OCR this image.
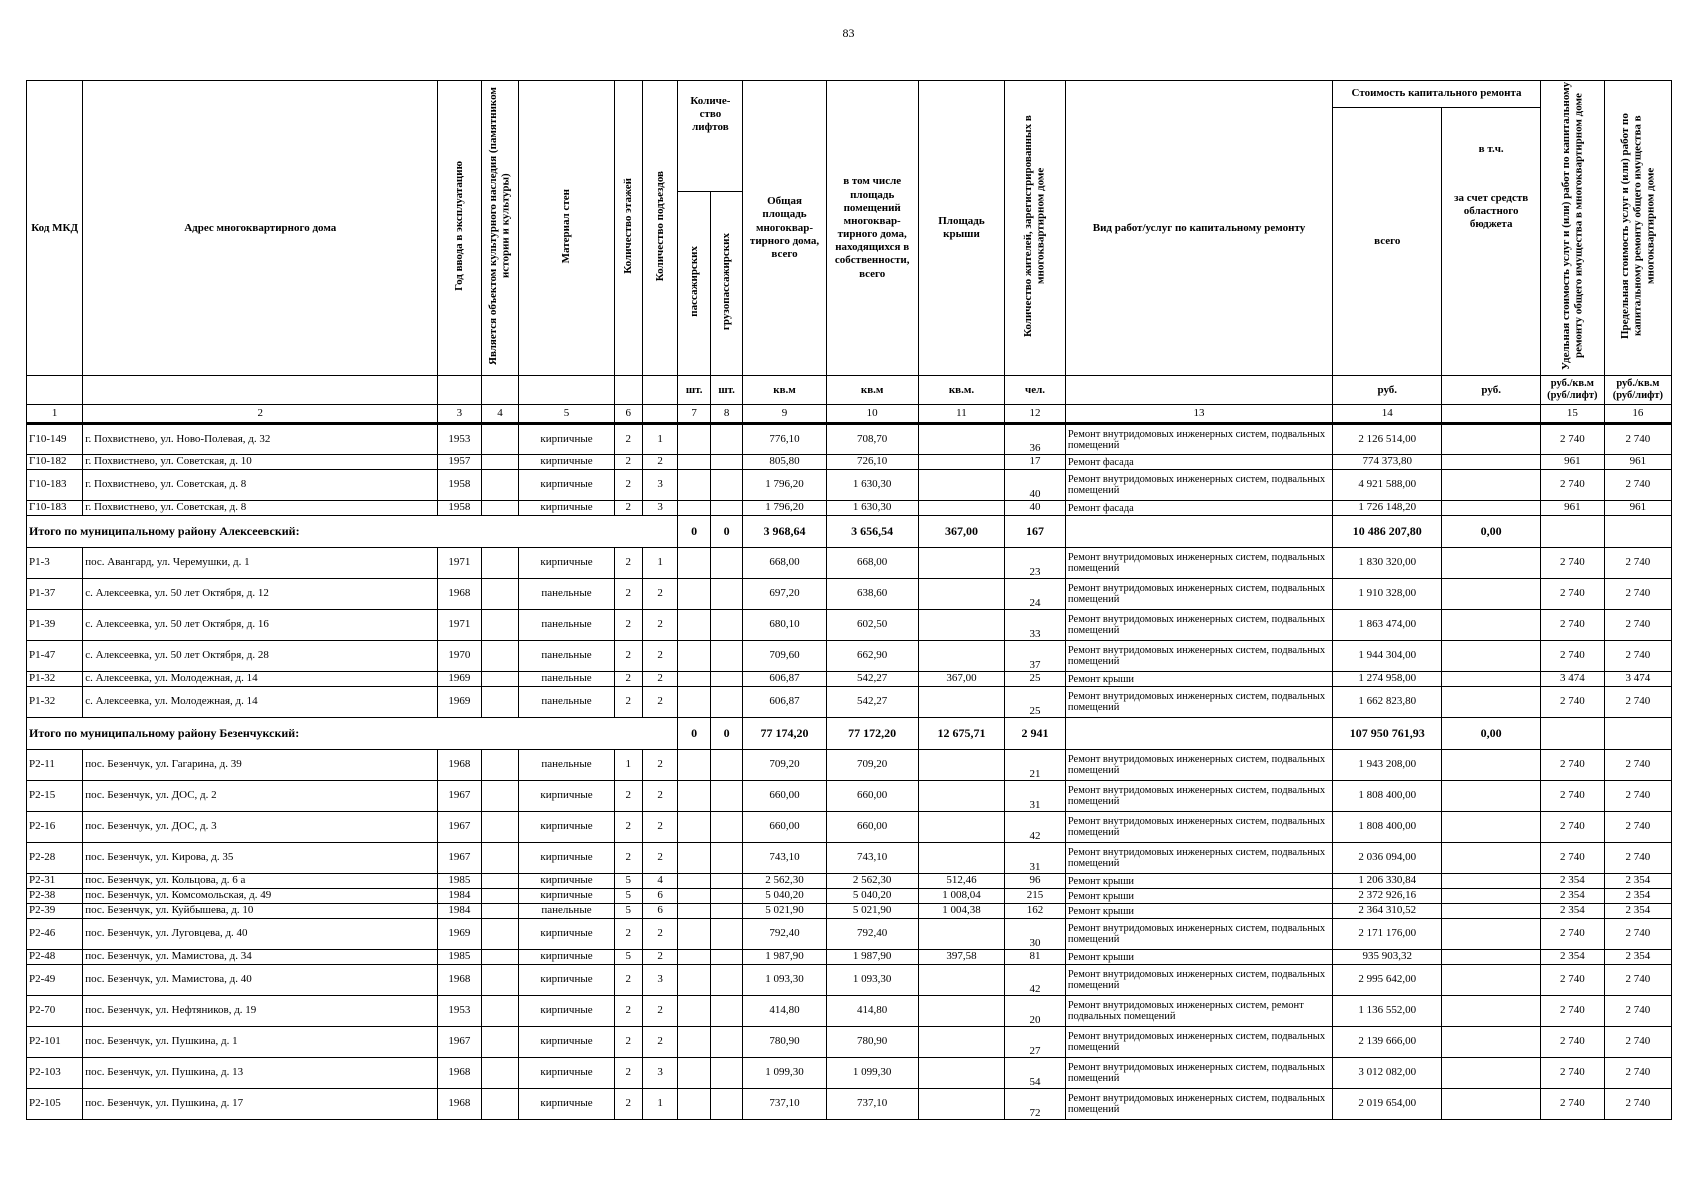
83
Код МКД	Адрес многоквартирного дома	Год ввода в эксплуатацию	Является объектом культурного наследия (памятником истории и культуры)	Материал стен	Количество этажей	Количество подъездов	Количе-ство лифтов		Общая площадь многоквар-тирного дома, всего	в том числе площадь помещений многоквар-тирного дома, находящихся в собственности, всего	Площадь крыши	Количество жителей, зарегистрированных в многоквартирном доме	Вид работ/услуг по капитальному ремонту	Стоимость капитального ремонта		Удельная стоимость услуг и (или) работ по капитальному ремонту общего имущества в многоквартирном доме	Предельная стоимость услуг и (или) работ по капитальному ремонту общего имущества в многоквартирном доме
														всего	в т.ч.		
							пассажирских	грузопассажирских							за счет средств областного бюджета		
							шт.	шт.	кв.м	кв.м	кв.м.	чел.		руб.	руб.	руб./кв.м (руб/лифт)	руб./кв.м (руб/лифт)
1	2	3	4	5	6		7	8	9	10	11	12	13	14		15	16
Г10-149	г. Похвистнево, ул. Ново-Полевая, д. 32	1953		кирпичные	2	1			776,10	708,70		36	Ремонт внутридомовых инженерных систем, подвальных помещений	2 126 514,00		2 740	2 740
Г10-182	г. Похвистнево, ул. Советская, д. 10	1957		кирпичные	2	2			805,80	726,10		17	Ремонт фасада	774 373,80		961	961
Г10-183	г. Похвистнево, ул. Советская, д. 8	1958		кирпичные	2	3			1 796,20	1 630,30		40	Ремонт внутридомовых инженерных систем, подвальных помещений	4 921 588,00		2 740	2 740
Г10-183	г. Похвистнево, ул. Советская, д. 8	1958		кирпичные	2	3			1 796,20	1 630,30		40	Ремонт фасада	1 726 148,20		961	961
Итого по муниципальному району Алексеевский:							0	0	3 968,64	3 656,54	367,00	167		10 486 207,80	0,00		
Р1-3	пос. Авангард, ул. Черемушки, д. 1	1971		кирпичные	2	1			668,00	668,00		23	Ремонт внутридомовых инженерных систем, подвальных помещений	1 830 320,00		2 740	2 740
Р1-37	с. Алексеевка, ул. 50 лет Октября, д. 12	1968		панельные	2	2			697,20	638,60		24	Ремонт внутридомовых инженерных систем, подвальных помещений	1 910 328,00		2 740	2 740
Р1-39	с. Алексеевка, ул. 50 лет Октября, д. 16	1971		панельные	2	2			680,10	602,50		33	Ремонт внутридомовых инженерных систем, подвальных помещений	1 863 474,00		2 740	2 740
Р1-47	с. Алексеевка, ул. 50 лет Октября, д. 28	1970		панельные	2	2			709,60	662,90		37	Ремонт внутридомовых инженерных систем, подвальных помещений	1 944 304,00		2 740	2 740
Р1-32	с. Алексеевка, ул. Молодежная, д. 14	1969		панельные	2	2			606,87	542,27	367,00	25	Ремонт крыши	1 274 958,00		3 474	3 474
Р1-32	с. Алексеевка, ул. Молодежная, д. 14	1969		панельные	2	2			606,87	542,27		25	Ремонт внутридомовых инженерных систем, подвальных помещений	1 662 823,80		2 740	2 740
Итого по муниципальному району Безенчукский:							0	0	77 174,20	77 172,20	12 675,71	2 941		107 950 761,93	0,00		
Р2-11	пос. Безенчук, ул. Гагарина, д. 39	1968		панельные	1	2			709,20	709,20		21	Ремонт внутридомовых инженерных систем, подвальных помещений	1 943 208,00		2 740	2 740
Р2-15	пос. Безенчук, ул. ДОС, д. 2	1967		кирпичные	2	2			660,00	660,00		31	Ремонт внутридомовых инженерных систем, подвальных помещений	1 808 400,00		2 740	2 740
Р2-16	пос. Безенчук, ул. ДОС, д. 3	1967		кирпичные	2	2			660,00	660,00		42	Ремонт внутридомовых инженерных систем, подвальных помещений	1 808 400,00		2 740	2 740
Р2-28	пос. Безенчук, ул. Кирова, д. 35	1967		кирпичные	2	2			743,10	743,10		31	Ремонт внутридомовых инженерных систем, подвальных помещений	2 036 094,00		2 740	2 740
Р2-31	пос. Безенчук, ул. Кольцова, д. 6 а	1985		кирпичные	5	4			2 562,30	2 562,30	512,46	96	Ремонт крыши	1 206 330,84		2 354	2 354
Р2-38	пос. Безенчук, ул. Комсомольская, д. 49	1984		кирпичные	5	6			5 040,20	5 040,20	1 008,04	215	Ремонт крыши	2 372 926,16		2 354	2 354
Р2-39	пос. Безенчук, ул. Куйбышева, д. 10	1984		панельные	5	6			5 021,90	5 021,90	1 004,38	162	Ремонт крыши	2 364 310,52		2 354	2 354
Р2-46	пос. Безенчук, ул. Луговцева, д. 40	1969		кирпичные	2	2			792,40	792,40		30	Ремонт внутридомовых инженерных систем, подвальных помещений	2 171 176,00		2 740	2 740
Р2-48	пос. Безенчук, ул. Мамистова, д. 34	1985		кирпичные	5	2			1 987,90	1 987,90	397,58	81	Ремонт крыши	935 903,32		2 354	2 354
Р2-49	пос. Безенчук, ул. Мамистова, д. 40	1968		кирпичные	2	3			1 093,30	1 093,30		42	Ремонт внутридомовых инженерных систем, подвальных помещений	2 995 642,00		2 740	2 740
Р2-70	пос. Безенчук, ул. Нефтяников, д. 19	1953		кирпичные	2	2			414,80	414,80		20	Ремонт внутридомовых инженерных систем, ремонт подвальных помещений	1 136 552,00		2 740	2 740
Р2-101	пос. Безенчук, ул. Пушкина, д. 1	1967		кирпичные	2	2			780,90	780,90		27	Ремонт внутридомовых инженерных систем, подвальных помещений	2 139 666,00		2 740	2 740
Р2-103	пос. Безенчук, ул. Пушкина, д. 13	1968		кирпичные	2	3			1 099,30	1 099,30		54	Ремонт внутридомовых инженерных систем, подвальных помещений	3 012 082,00		2 740	2 740
Р2-105	пос. Безенчук, ул. Пушкина, д. 17	1968		кирпичные	2	1			737,10	737,10		72	Ремонт внутридомовых инженерных систем, подвальных помещений	2 019 654,00		2 740	2 740
